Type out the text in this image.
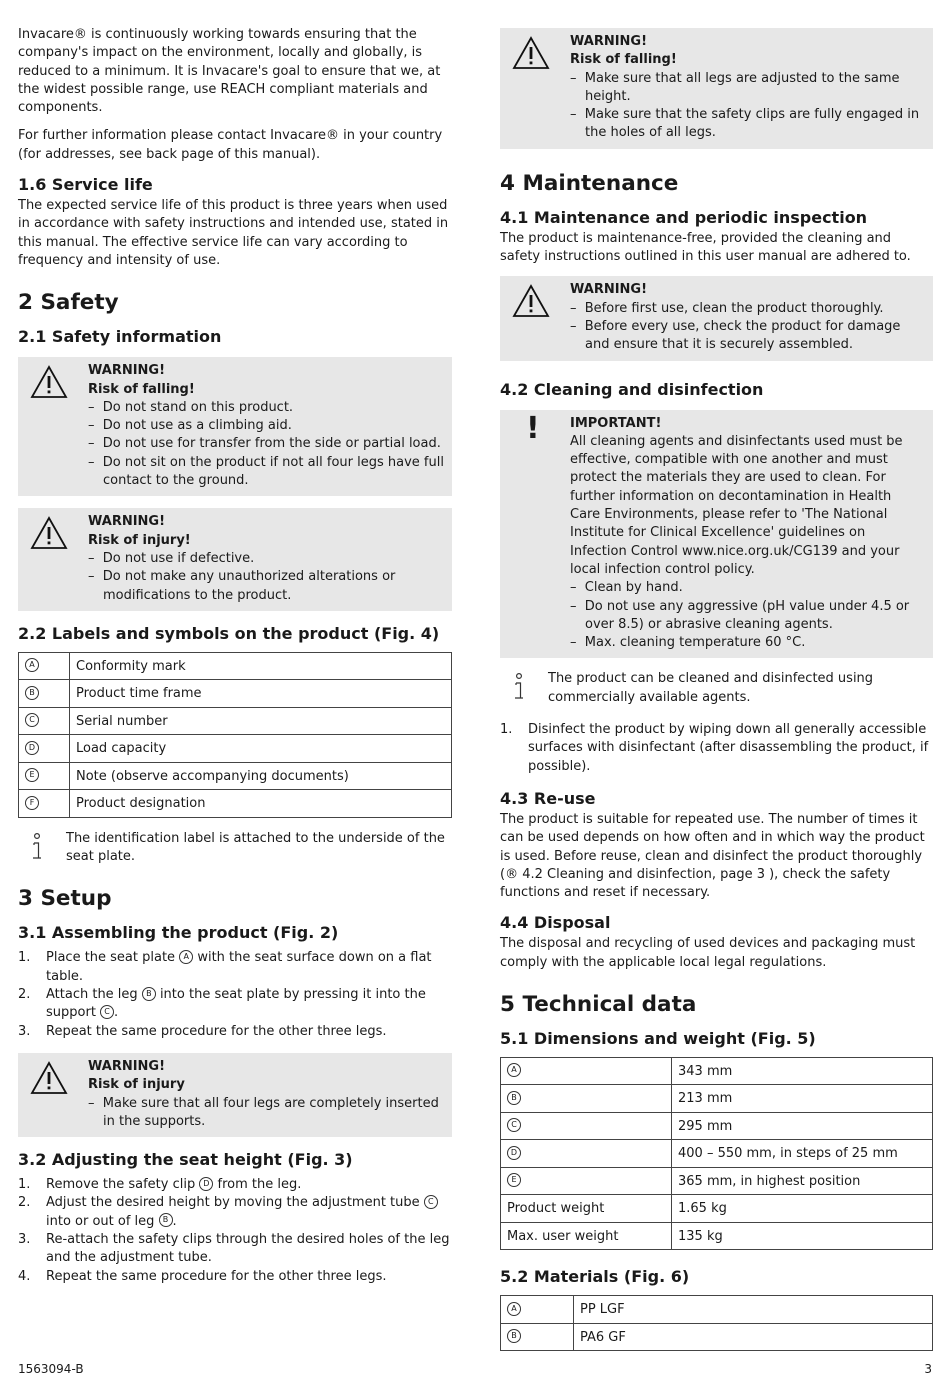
Invacare® is continuously working towards ensuring that the company's impact on the environment, locally and globally, is reduced to a minimum. It is Invacare's goal to ensure that we, at the widest possible range, use REACH compliant materials and components.

For further information please contact Invacare® in your country (for addresses, see back page of this manual).

1.6 Service life

The expected service life of this product is three years when used in accordance with safety instructions and intended use, stated in this manual. The effective service life can vary according to frequency and intensity of use.

2 Safety
2.1 Safety information
WARNING!
Risk of falling!
–  Do not stand on this product.
–  Do not use as a climbing aid.
–  Do not use for transfer from the side or partial load.
–  Do not sit on the product if not all four legs have full contact to the ground.
WARNING!
Risk of injury!
–  Do not use if defective.
–  Do not make any unauthorized alterations or modifications to the product.
2.2 Labels and symbols on the product (Fig. 4)
A	Conformity mark
B	Product time frame
C	Serial number
D	Load capacity
E	Note (observe accompanying documents)
F	Product designation
The identification label is attached to the underside of the seat plate.
3 Setup
3.1 Assembling the product (Fig. 2)
1. Place the seat plate A with the seat surface down on a flat table.
2. Attach the leg B into the seat plate by pressing it into the support C .
3. Repeat the same procedure for the other three legs.
WARNING!
Risk of injury
–  Make sure that all four legs are completely inserted in the supports.
3.2 Adjusting the seat height (Fig. 3)
1. Remove the safety clip D from the leg.
2. Adjust the desired height by moving the adjustment tube C into or out of leg B .
3. Re-attach the safety clips through the desired holes of the leg and the adjustment tube.
4. Repeat the same procedure for the other three legs.
WARNING!
Risk of falling!
–  Make sure that all legs are adjusted to the same height.
–  Make sure that the safety clips are fully engaged in the holes of all legs.
4 Maintenance
4.1 Maintenance and periodic inspection

The product is maintenance-free, provided the cleaning and safety instructions outlined in this user manual are adhered to.

WARNING!
–  Before first use, clean the product thoroughly.
–  Before every use, check the product for damage and ensure that it is securely assembled.
4.2 Cleaning and disinfection
! IMPORTANT!
All cleaning agents and disinfectants used must be effective, compatible with one another and must protect the materials they are used to clean. For further information on decontamination in Health Care Environments, please refer to 'The National Institute for Clinical Excellence' guidelines on Infection Control www.nice.org.uk/CG139 and your local infection control policy.
–  Clean by hand.
–  Do not use any aggressive (pH value under 4.5 or over 8.5) or abrasive cleaning agents.
–  Max. cleaning temperature 60 °C.
The product can be cleaned and disinfected using commercially available agents.
1. Disinfect the product by wiping down all generally accessible surfaces with disinfectant (after disassembling the product, if possible).
4.3 Re-use

The product is suitable for repeated use. The number of times it can be used depends on how often and in which way the product is used. Before reuse, clean and disinfect the product thoroughly (® 4.2 Cleaning and disinfection, page 3 ), check the safety functions and reset if necessary.

4.4 Disposal

The disposal and recycling of used devices and packaging must comply with the applicable local legal regulations.

5 Technical data
5.1 Dimensions and weight (Fig. 5)
A	343 mm
B	213 mm
C	295 mm
D	400 – 550 mm, in steps of 25 mm
E	365 mm, in highest position
Product weight	1.65 kg
Max. user weight	135 kg
5.2 Materials (Fig. 6)
A	PP LGF
B	PA6 GF
1563094-B	3
